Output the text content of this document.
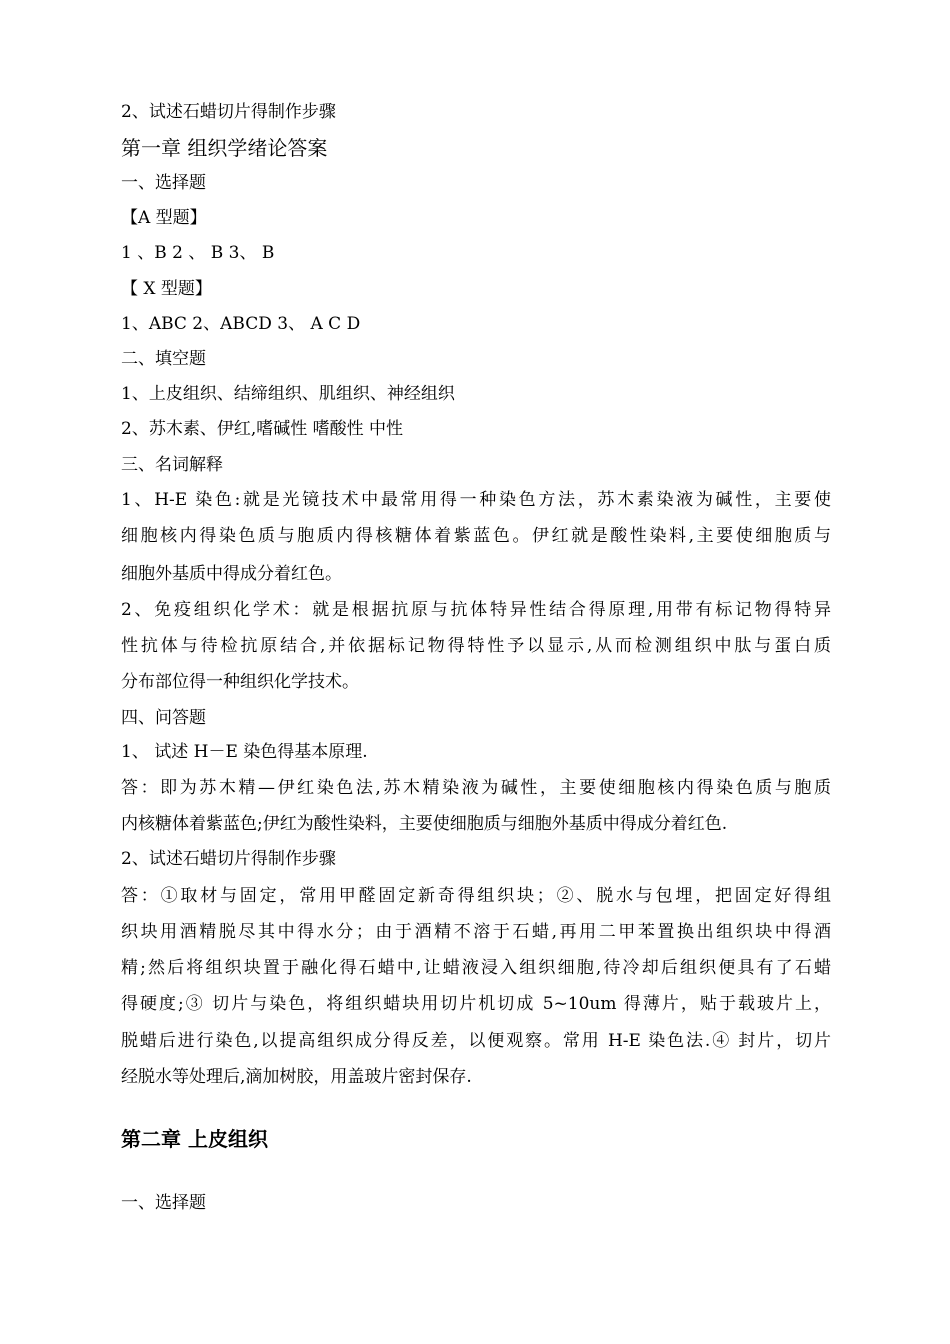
2、试述石蜡切片得制作步骤
第一章 组织学绪论答案
一、选择题
【A 型题】
1 、B 2 、 B 3、 B
【 X 型题】
1、ABC 2、ABCD 3、 A C D
二、填空题
1、上皮组织、结缔组织、肌组织、神经组织
2、苏木素、伊红,嗜碱性 嗜酸性 中性
三、名词解释
1、H-E 染色:就是光镜技术中最常用得一种染色方法，苏木素染液为碱性，主要使
细胞核内得染色质与胞质内得核糖体着紫蓝色。伊红就是酸性染料,主要使细胞质与
细胞外基质中得成分着红色。
2、免疫组织化学术：就是根据抗原与抗体特异性结合得原理,用带有标记物得特异
性抗体与待检抗原结合,并依据标记物得特性予以显示,从而检测组织中肽与蛋白质
分布部位得一种组织化学技术。
四、问答题
1、 试述 H－E 染色得基本原理.
答：即为苏木精—伊红染色法,苏木精染液为碱性，主要使细胞核内得染色质与胞质
内核糖体着紫蓝色;伊红为酸性染料，主要使细胞质与细胞外基质中得成分着红色.
2、试述石蜡切片得制作步骤
答：①取材与固定，常用甲醛固定新奇得组织块；②、脱水与包埋，把固定好得组
织块用酒精脱尽其中得水分；由于酒精不溶于石蜡,再用二甲苯置换出组织块中得酒
精;然后将组织块置于融化得石蜡中,让蜡液浸入组织细胞,待冷却后组织便具有了石蜡
得硬度;③ 切片与染色，将组织蜡块用切片机切成 5~10um 得薄片，贴于载玻片上，
脱蜡后进行染色,以提高组织成分得反差，以便观察。常用 H-E 染色法.④ 封片，切片
经脱水等处理后,滴加树胶，用盖玻片密封保存.
第二章 上皮组织
一、选择题
